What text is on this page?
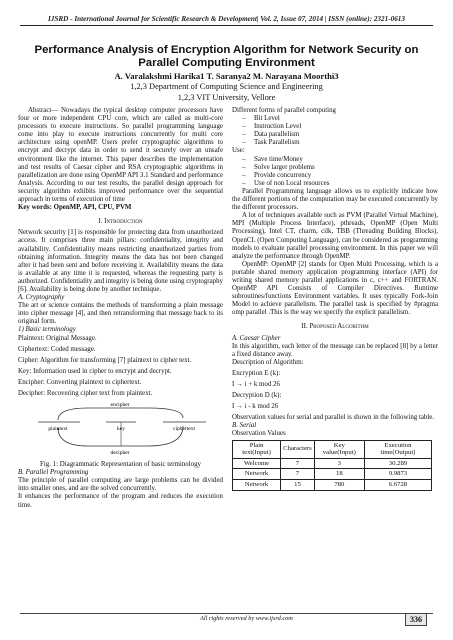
IJSRD - International Journal for Scientific Research & Development| Vol. 2, Issue 07, 2014 | ISSN (online): 2321-0613
Performance Analysis of Encryption Algorithm for Network Security on
Parallel Computing Environment
A. Varalakshmi Harika1 T. Saranya2 M. Narayana Moorthi3
1,2,3 Department of Computing Science and Engineering
1,2,3 VIT University, Vellore

Abstract— Nowadays the typical desktop computer processors have four or more independent CPU core, which are called as multi-core processors to execute instructions. So parallel programming language come into play to execute instructions concurrently for multi core architecture using openMP. Users prefer cryptographic algorithms to encrypt and decrypt data in order to send it securely over an unsafe environment like the internet. This paper describes the implementation and test results of Caesar cipher and RSA cryptographic algorithms in parallelization are done using OpenMP API 3.1 Standard and performance Analysis. According to our test results, the parallel design approach for security algorithm exhibits improved performance over the sequential approach in terms of execution of time

Key words: OpenMP, API, CPU, PVM

I. Introduction

Network security [1] is responsible for protecting data from unauthorized access. It comprises three main pillars: confidentiality, integrity and availability. Confidentiality means restricting unauthorized parties from obtaining information. Integrity means the data has not been changed after it had been sent and before receiving it. Availability means the data is available at any time it is requested, whereas the requesting party is authorized. Confidentiality and integrity is being done using cryptography [6]. Availability is being done by another technique.

A. Cryptography

The art or science contains the methods of transforming a plain message into cipher message [4], and then retransforming that message back to its original form.

1) Basic terminology

Plaintext: Original Message.

Ciphertext: Coded message.

Cipher: Algorithm for transforming [7] plaintext to cipher text.

Key: Information used in cipher to encrypt and decrypt.

Encipher: Converting plaintext to ciphertext.

Decipher: Recovering cipher text from plaintext.

encipher
plaintext	key	ciphertext
decipher
Fig. 1: Diagrammatic Representation of basic terminology

B. Parallel Programming

The principle of parallel computing are large problems can be divided into smaller ones, and are the solved concurrently.

It enhances the performance of the program and reduces the execution time.

Different forms of parallel computing

– Bit Level

– Instruction Level

– Data parallelism

– Task Parallelism

Use:

– Save time/Money

– Solve larger problems

– Provide concurrency

– Use of non Local resources

Parallel Programming language allows us to explicitly indicate how the different portions of the computation may be executed concurrently by the different processors.

A lot of techniques available such as PVM (Parallel Virtual Machine), MPI (Multiple Process Interface), pthreads, OpenMP (Open Multi Processing), Intel CT, charm, cilk, TBB (Threading Building Blocks), OpenCL (Open Computing Language), can be considered as programming models to evaluate parallel processing environment. In this paper we will analyze the performance through OpenMP.

OpenMP: OpenMP [2] stands for Open Multi Processing, which is a portable shared memory application programming interface (API) for writing shared memory parallel applications in c, c++ and FORTRAN. OpenMP API Consists of Compiler Directives. Runtime subroutines/functions Environment variables. It uses typically Fork-Join Model to achieve parallelism. The parallel task is specified by #pragma omp parallel .This is the way we specify the explicit parallelism.

II. Proposed Algorithm

A. Caesar Cipher

In this algorithm, each letter of the message can be replaced [8] by a letter a fixed distance away.

Description of Algorithm:

Encryption E (k):

I → i + k mod 26

Decryption D (k):

I → i - k mod 26

Observation values for serial and parallel is shown in the following table.

B. Serial

Observation Values

Plain text(Input)	Characters	Key value(Input)	Execution time(Output)
Welcome	7	3	30.289
Network	7	18	9.9873
Network	15	780	6.6728
All rights reserved by www.ijsrd.com	336
